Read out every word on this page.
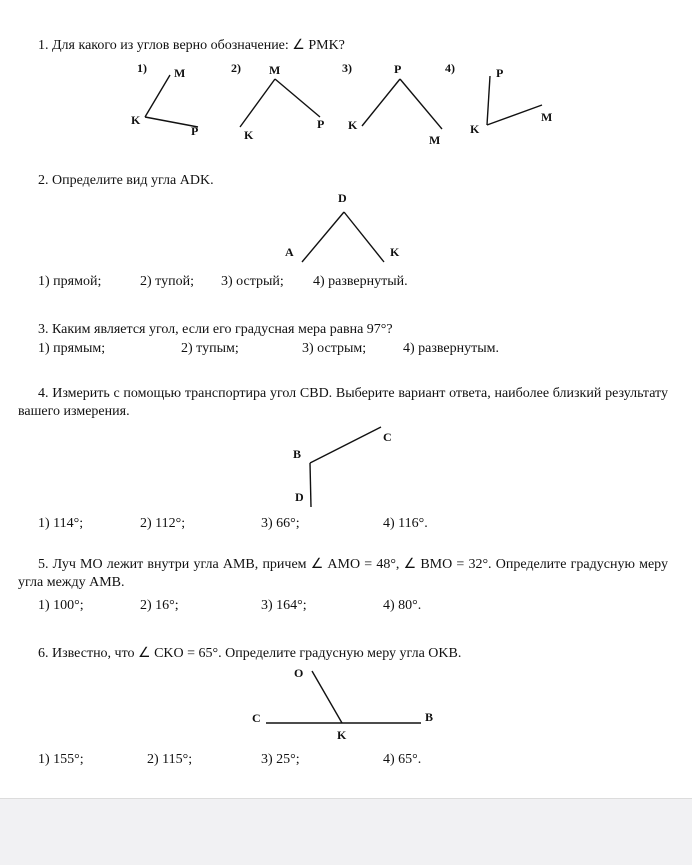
1. Для какого из углов верно обозначение: ∠ PMK?

1) M
K
P
2) M
K
P
3)	P
K
M
4)	P
K
M

2. Определите вид угла ADK.

D
A	K

1) прямой;	2) тупой; 3) острый; 4) развернутый.

3. Каким является угол, если его градусная мера равна 97°?

1) прямым;	2) тупым;	3) острым;	4) развернутым.

4. Измерить с помощью транспортира угол CBD. Выберите вариант ответа, наиболее близкий результату вашего измерения.

C
B
D

1) 114°;	2) 112°;	3) 66°;	4) 116°.

5. Луч MO лежит внутри угла AMB, причем ∠ AMO = 48°, ∠ BMO = 32°. Определите градусную меру угла между AMB.

1) 100°;	2) 16°;	3) 164°;	4) 80°.

6. Известно, что ∠ CKO = 65°. Определите градусную меру угла OKB.

O
C	B
K

1) 155°;	2) 115°;	3) 25°;	4) 65°.
